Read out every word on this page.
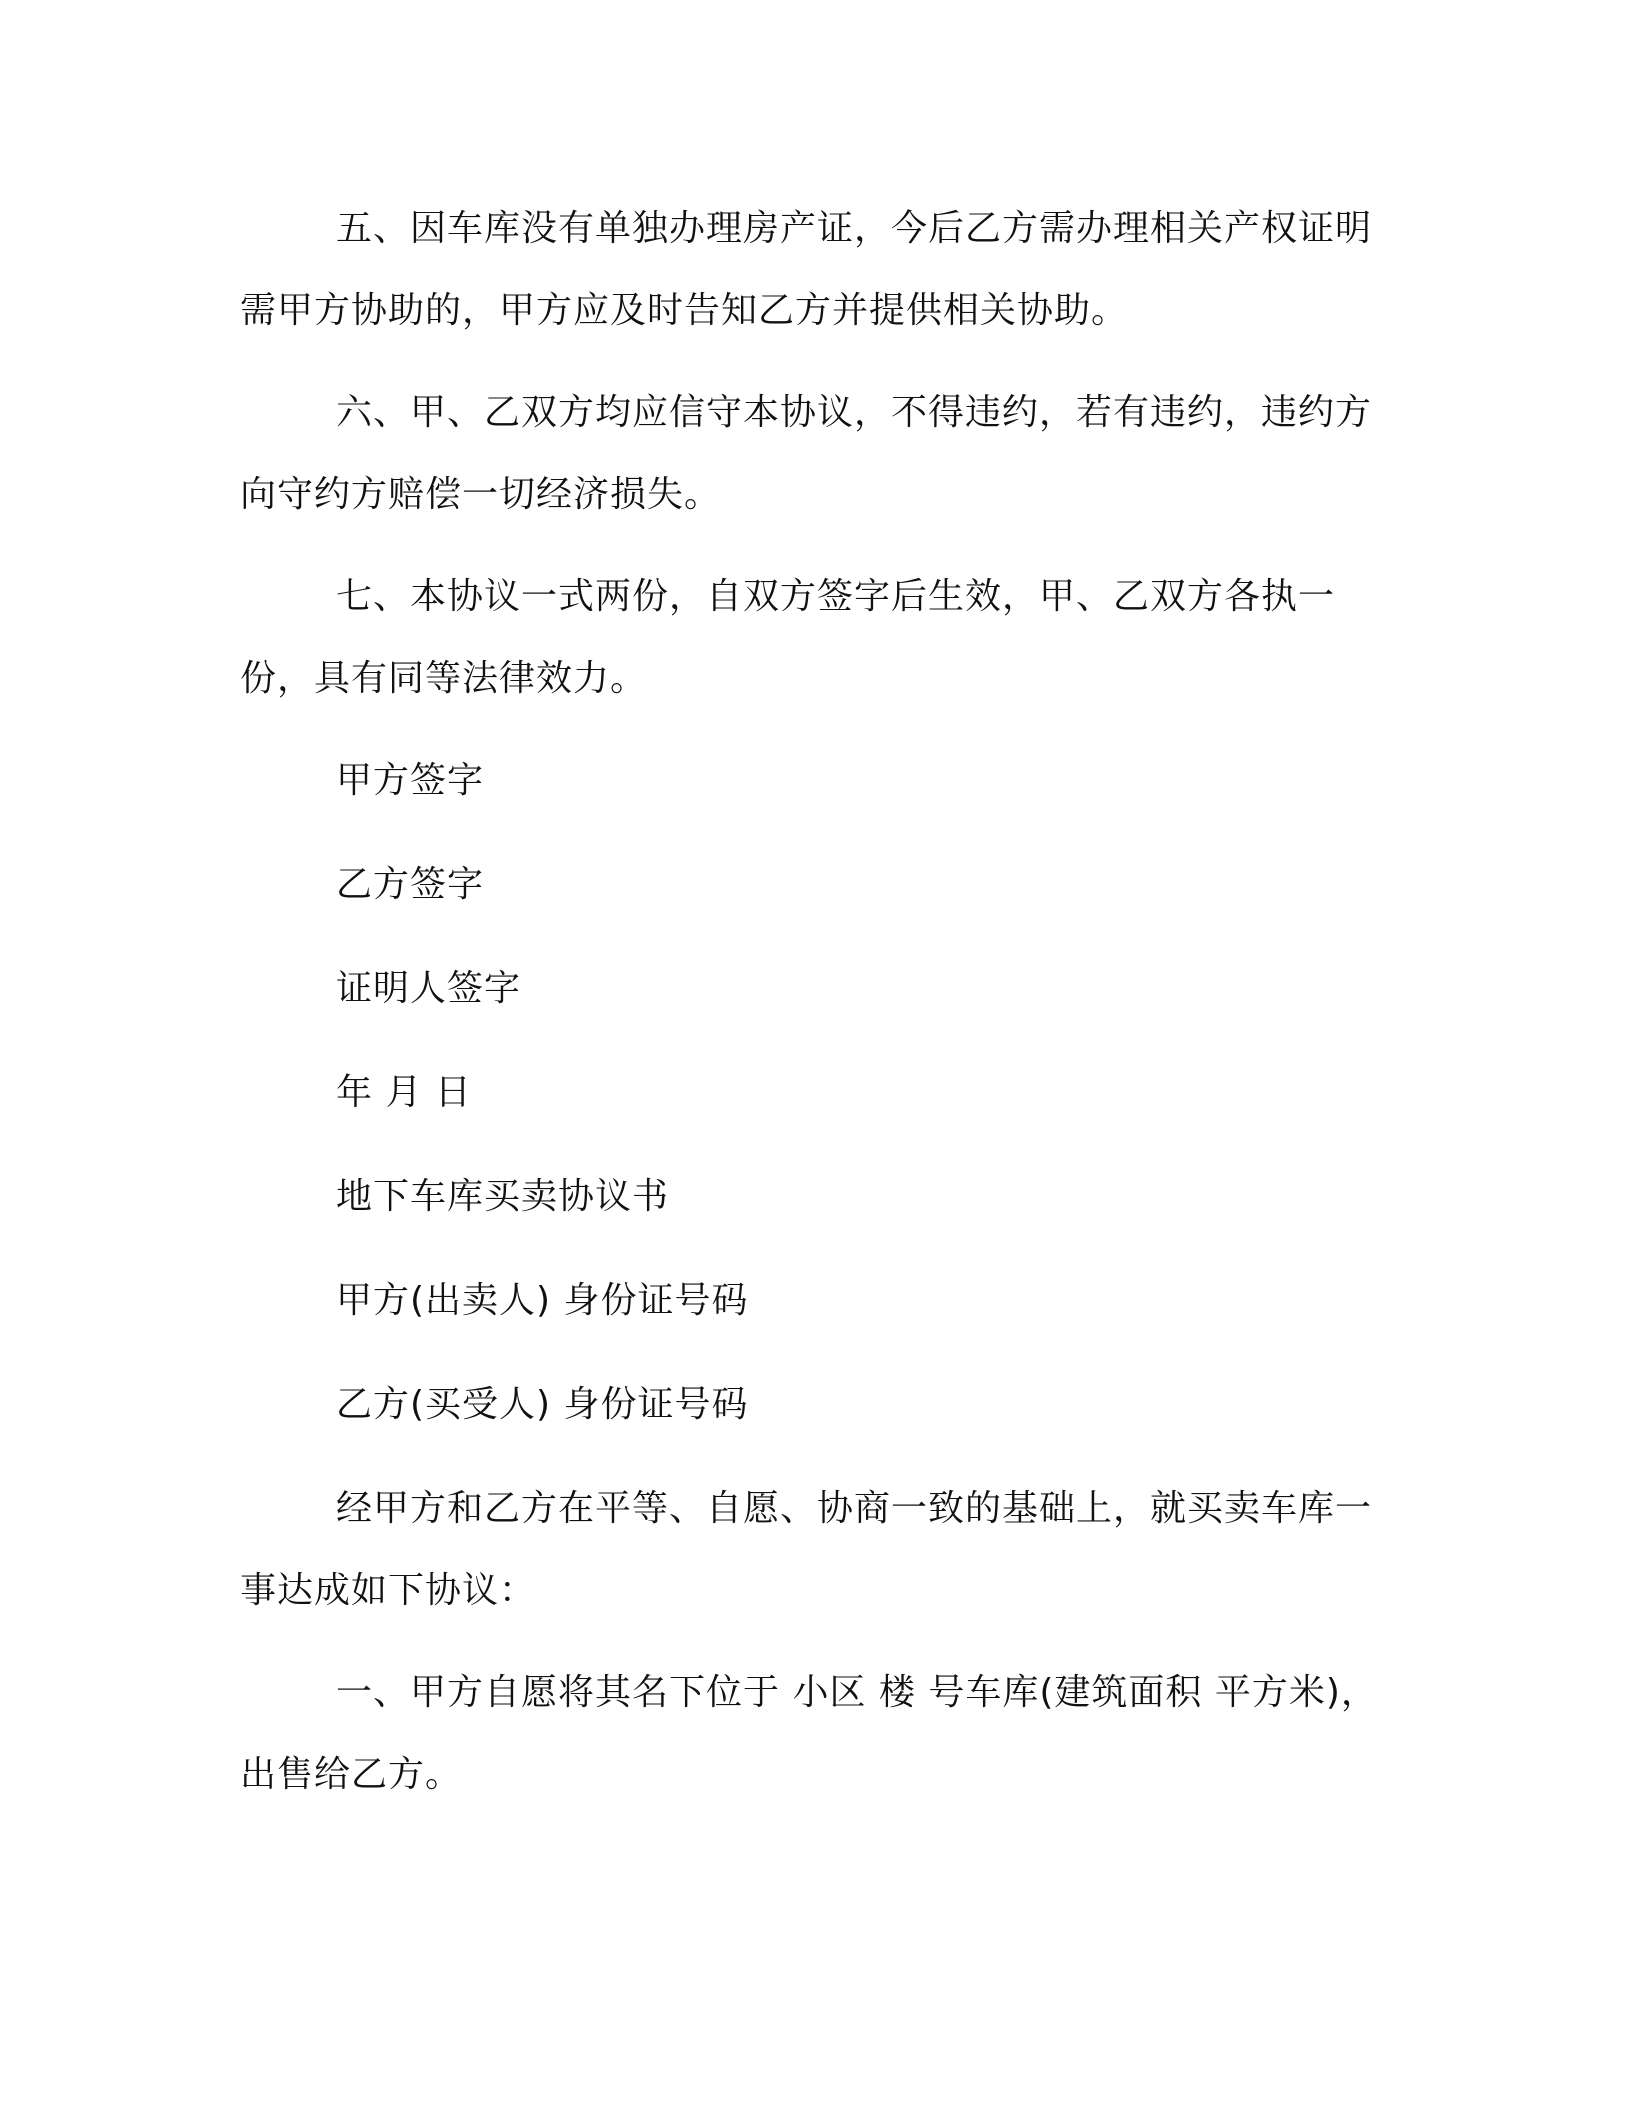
五、因车库没有单独办理房产证，今后乙方需办理相关产权证明需甲方协助的，甲方应及时告知乙方并提供相关协助。

六、甲、乙双方均应信守本协议，不得违约，若有违约，违约方向守约方赔偿一切经济损失。

七、本协议一式两份，自双方签字后生效，甲、乙双方各执一份，具有同等法律效力。

甲方签字

乙方签字

证明人签字

年 月 日

地下车库买卖协议书

甲方(出卖人) 身份证号码

乙方(买受人) 身份证号码

经甲方和乙方在平等、自愿、协商一致的基础上，就买卖车库一事达成如下协议：

一、甲方自愿将其名下位于 小区 楼 号车库(建筑面积 平方米)，出售给乙方。
